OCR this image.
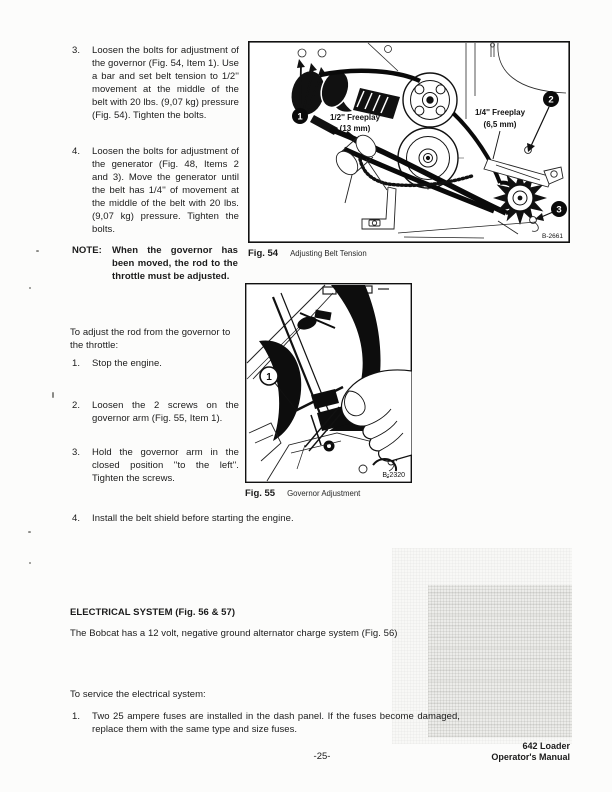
3.	Loosen the bolts for adjustment of the governor (Fig. 54, Item 1). Use a bar and set belt tension to 1/2'' movement at the middle of the belt with 20 lbs. (9,07 kg) pressure (Fig. 54). Tighten the bolts.
4.	Loosen the bolts for adjustment of the generator (Fig. 48, Items 2 and 3). Move the generator until the belt has 1/4'' of movement at the middle of the belt with 20 lbs. (9,07 kg) pressure. Tighten the bolts.
NOTE:	When the governor has been moved, the rod to the throttle must be adjusted.
To adjust the rod from the governor to the throttle:
1.	Stop the engine.
2.	Loosen the 2 screws on the governor arm (Fig. 55, Item 1).
3.	Hold the governor arm in the closed position ''to the left''. Tighten the screws.
4.	Install the belt shield before starting the engine.
ELECTRICAL SYSTEM (Fig. 56 & 57)
The Bobcat has a 12 volt, negative ground alternator charge system (Fig. 56)
To service the electrical system:
1.	Two 25 ampere fuses are installed in the dash panel. If the fuses become damaged, replace them with the same type and size fuses.
1
2
3
1/2'' Freeplay
(13 mm)
1/4'' Freeplay
(6,5 mm)
B-2661
Fig. 54 Adjusting Belt Tension
1
B-2320
Fig. 55 Governor Adjustment
-25-
642 Loader
Operator's Manual
